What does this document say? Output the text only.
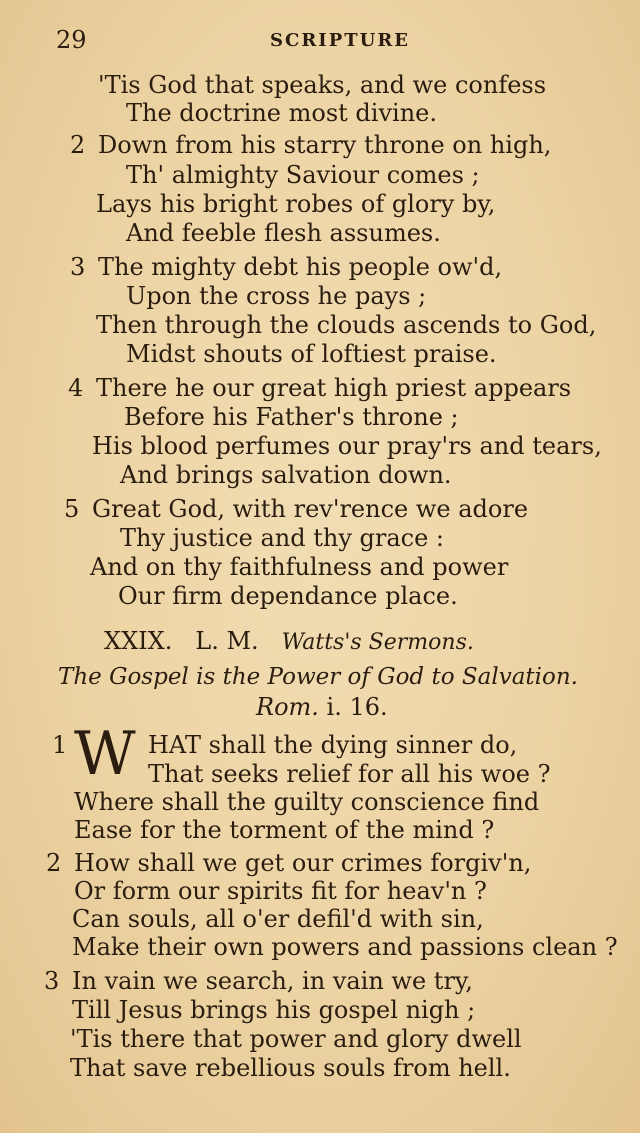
29	SCRIPTURE
'Tis God that speaks, and we confess
The doctrine most divine.
2 Down from his starry throne on high,
Th' almighty Saviour comes ;
Lays his bright robes of glory by,
And feeble flesh assumes.
3 The mighty debt his people ow'd,
Upon the cross he pays ;
Then through the clouds ascends to God,
Midst shouts of loftiest praise.
4 There he our great high priest appears
Before his Father's throne ;
His blood perfumes our pray'rs and tears,
And brings salvation down.
5 Great God, with rev'rence we adore
Thy justice and thy grace :
And on thy faithfulness and power
Our firm dependance place.
XXIX. L. M. Watts's Sermons.
The Gospel is the Power of God to Salvation.
Rom. i. 16.
1 W HAT shall the dying sinner do,
That seeks relief for all his woe ?
Where shall the guilty conscience find
Ease for the torment of the mind ?
2 How shall we get our crimes forgiv'n,
Or form our spirits fit for heav'n ?
Can souls, all o'er defil'd with sin,
Make their own powers and passions clean ?
3 In vain we search, in vain we try,
Till Jesus brings his gospel nigh ;
'Tis there that power and glory dwell
That save rebellious souls from hell.
